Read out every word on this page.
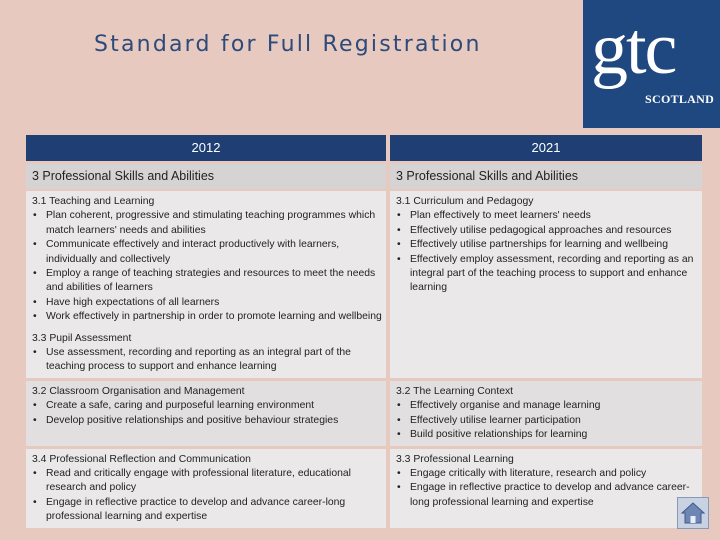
Standard for Full Registration gtc
SCOTLAND
2012	2021
3 Professional Skills and Abilities	3 Professional Skills and Abilities
3.1 Teaching and Learning
• Plan coherent, progressive and stimulating teaching programmes which match learners' needs and abilities
• Communicate effectively and interact productively with learners, individually and collectively
• Employ a range of teaching strategies and resources to meet the needs and abilities of learners
• Have high expectations of all learners
• Work effectively in partnership in order to promote learning and wellbeing
3.1 Curriculum and Pedagogy
• Plan effectively to meet learners' needs
• Effectively utilise pedagogical approaches and resources
• Effectively utilise partnerships for learning and wellbeing
• Effectively employ assessment, recording and reporting as an integral part of the teaching process to support and enhance learning
3.3 Pupil Assessment
• Use assessment, recording and reporting as an integral part of the teaching process to support and enhance learning
3.2 Classroom Organisation and Management
• Create a safe, caring and purposeful learning environment
• Develop positive relationships and positive behaviour strategies
3.2 The Learning Context
• Effectively organise and manage learning
• Effectively utilise learner participation
• Build positive relationships for learning
3.4 Professional Reflection and Communication
• Read and critically engage with professional literature, educational research and policy
• Engage in reflective practice to develop and advance career-long professional learning and expertise
3.3 Professional Learning
• Engage critically with literature, research and policy
• Engage in reflective practice to develop and advance career-long professional learning and expertise
